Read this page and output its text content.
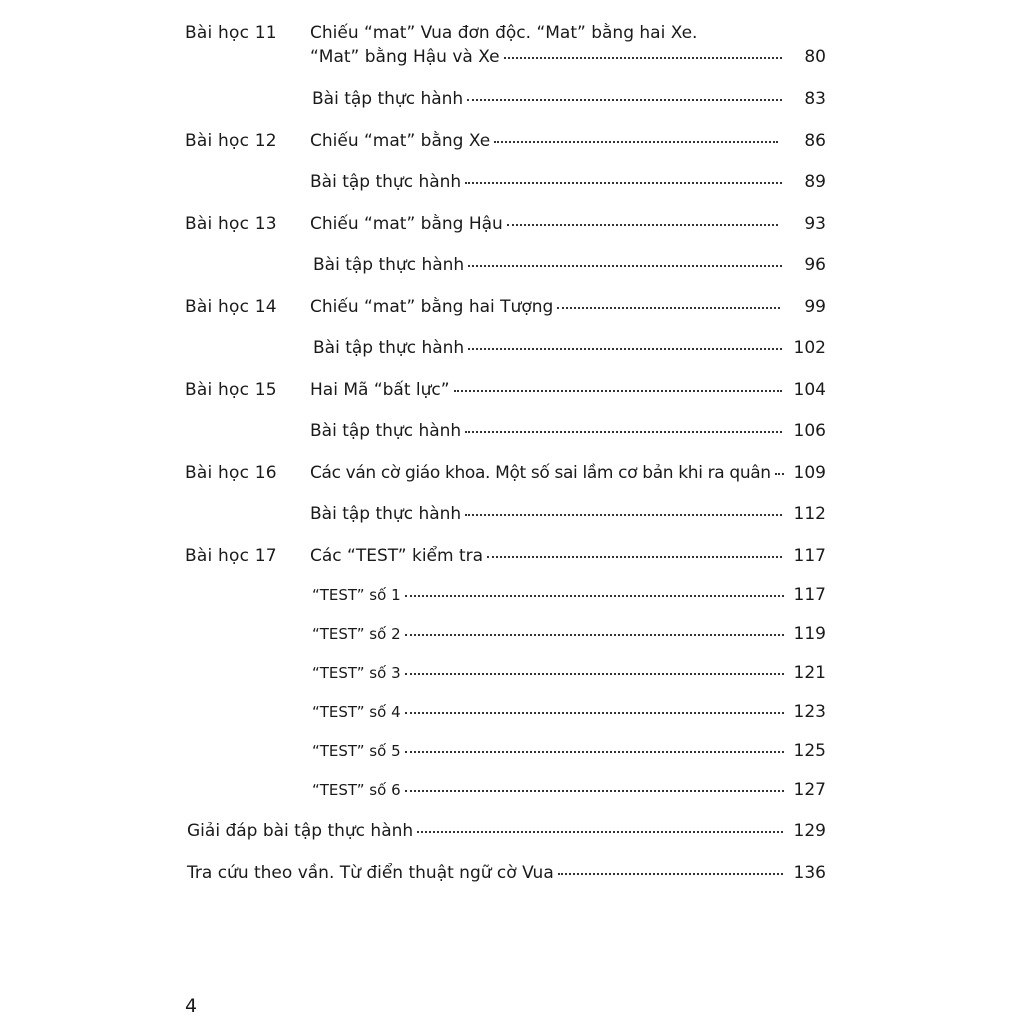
Bài học 11 Chiếu “mat” Vua đơn độc. “Mat” bằng hai Xe.
“Mat” bằng Hậu và Xe	80
Bài tập thực hành	83
Bài học 12 Chiếu “mat” bằng Xe	86
Bài tập thực hành	89
Bài học 13 Chiếu “mat” bằng Hậu	93
Bài tập thực hành	96
Bài học 14 Chiếu “mat” bằng hai Tượng	99
Bài tập thực hành	102
Bài học 15 Hai Mã “bất lực”	104
Bài tập thực hành	106
Bài học 16 Các ván cờ giáo khoa. Một số sai lầm cơ bản khi ra quân	109
Bài tập thực hành	112
Bài học 17 Các “TEST” kiểm tra	117
“TEST” số 1	117
“TEST” số 2	119
“TEST” số 3	121
“TEST” số 4	123
“TEST” số 5	125
“TEST” số 6	127
Giải đáp bài tập thực hành	129
Tra cứu theo vần. Từ điển thuật ngữ cờ Vua	136
4
